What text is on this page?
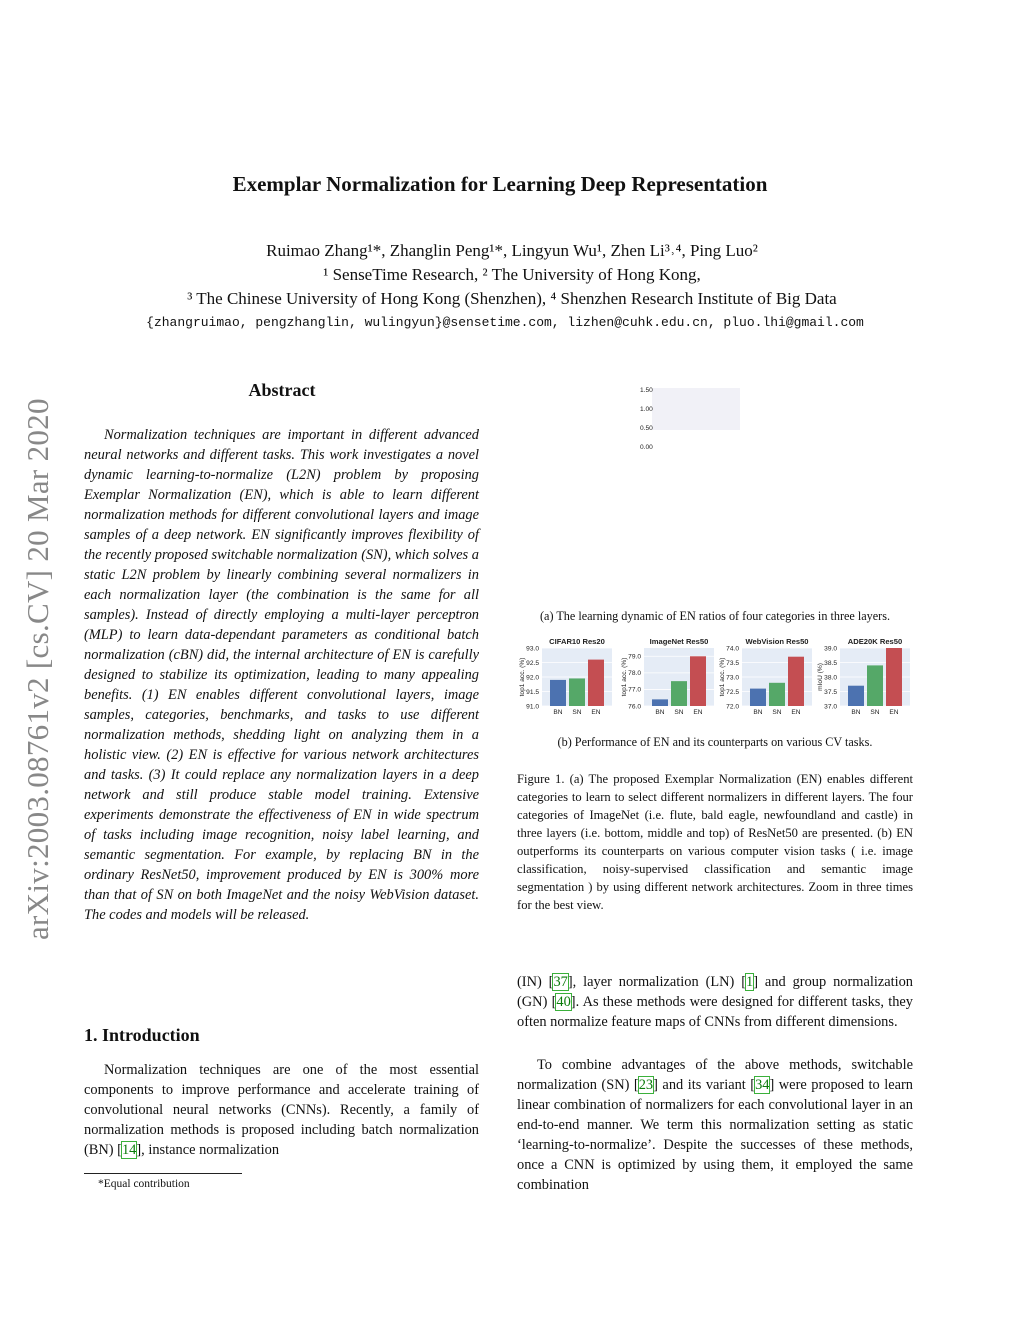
arXiv:2003.08761v2 [cs.CV] 20 Mar 2020
Exemplar Normalization for Learning Deep Representation
Ruimao Zhang¹*, Zhanglin Peng¹*, Lingyun Wu¹, Zhen Li³˒⁴, Ping Luo²
¹ SenseTime Research, ² The University of Hong Kong,
³ The Chinese University of Hong Kong (Shenzhen), ⁴ Shenzhen Research Institute of Big Data
{zhangruimao, pengzhanglin, wulingyun}@sensetime.com, lizhen@cuhk.edu.cn, pluo.lhi@gmail.com
Abstract
Normalization techniques are important in different advanced neural networks and different tasks. This work investigates a novel dynamic learning-to-normalize (L2N) problem by proposing Exemplar Normalization (EN), which is able to learn different normalization methods for different convolutional layers and image samples of a deep network. EN significantly improves flexibility of the recently proposed switchable normalization (SN), which solves a static L2N problem by linearly combining several normalizers in each normalization layer (the combination is the same for all samples). Instead of directly employing a multi-layer perceptron (MLP) to learn data-dependant parameters as conditional batch normalization (cBN) did, the internal architecture of EN is carefully designed to stabilize its optimization, leading to many appealing benefits. (1) EN enables different convolutional layers, image samples, categories, benchmarks, and tasks to use different normalization methods, shedding light on analyzing them in a holistic view. (2) EN is effective for various network architectures and tasks. (3) It could replace any normalization layers in a deep network and still produce stable model training. Extensive experiments demonstrate the effectiveness of EN in wide spectrum of tasks including image recognition, noisy label learning, and semantic segmentation. For example, by replacing BN in the ordinary ResNet50, improvement produced by EN is 300% more than that of SN on both ImageNet and the noisy WebVision dataset. The codes and models will be released.
1. Introduction

Normalization techniques are one of the most essential components to improve performance and accelerate training of convolutional neural networks (CNNs). Recently, a family of normalization methods is proposed including batch normalization (BN) [14], instance normalization

*Equal contribution
1.50
1.00
0.50
0.00
(a) The learning dynamic of EN ratios of four categories in three layers.
CIFAR10 Res20
top1 acc. (%)
93.0
92.5
92.0
91.5
91.0
BN SN EN
ImageNet Res50
top1 acc. (%)
79.0
78.0
77.0
76.0
BN SN EN
WebVision Res50
top1 acc. (%)
74.0
73.5
73.0
72.5
72.0
BN SN EN
ADE20K Res50
mIoU (%)
39.0
38.5
38.0
37.5
37.0
BN SN EN
(b) Performance of EN and its counterparts on various CV tasks.
Figure 1. (a) The proposed Exemplar Normalization (EN) enables different categories to learn to select different normalizers in different layers. The four categories of ImageNet (i.e. flute, bald eagle, newfoundland and castle) in three layers (i.e. bottom, middle and top) of ResNet50 are presented. (b) EN outperforms its counterparts on various computer vision tasks ( i.e. image classification, noisy-supervised classification and semantic image segmentation ) by using different network architectures. Zoom in three times for the best view.

(IN) [37], layer normalization (LN) [1] and group normalization (GN) [40]. As these methods were designed for different tasks, they often normalize feature maps of CNNs from different dimensions.

To combine advantages of the above methods, switchable normalization (SN) [23] and its variant [34] were proposed to learn linear combination of normalizers for each convolutional layer in an end-to-end manner. We term this normalization setting as static ‘learning-to-normalize’. Despite the successes of these methods, once a CNN is optimized by using them, it employed the same combination
